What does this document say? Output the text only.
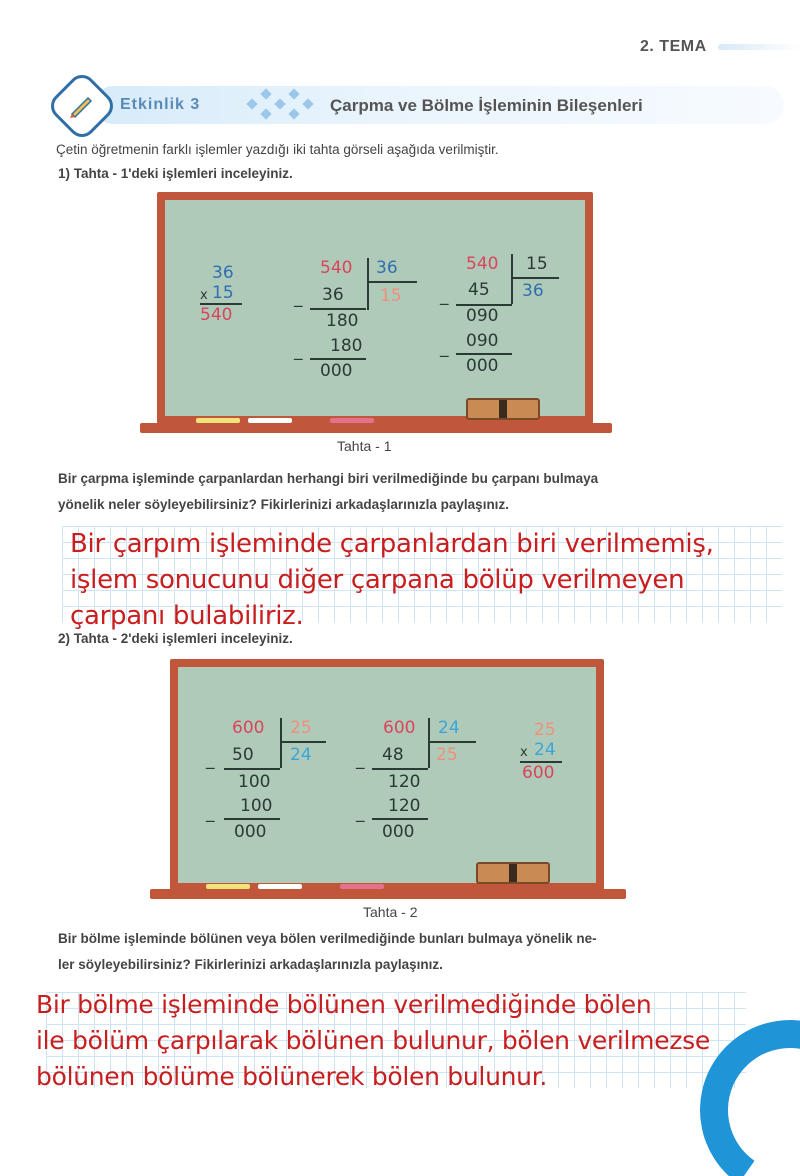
2. TEMA
Etkinlik 3	Çarpma ve Bölme İşleminin Bileşenleri
Çetin öğretmenin farklı işlemler yazdığı iki tahta görseli aşağıda verilmiştir.
1) Tahta - 1'deki işlemleri inceleyiniz.
36
x 15
540
540 36
_ 36 15
180
_ 180
000
540 15
_ 45 36
090
_ 090
000
Tahta - 1
Bir çarpma işleminde çarpanlardan herhangi biri verilmediğinde bu çarpanı bulmaya
yönelik neler söyleyebilirsiniz? Fikirlerinizi arkadaşlarınızla paylaşınız.
Bir çarpım işleminde çarpanlardan biri verilmemiş,
işlem sonucunu diğer çarpana bölüp verilmeyen
çarpanı bulabiliriz.
2) Tahta - 2'deki işlemleri inceleyiniz.
600 25
_ 50 24
100
_ 100
000
600 24
_ 48 25
120
_ 120
000
25
x 24
600
Tahta - 2
Bir bölme işleminde bölünen veya bölen verilmediğinde bunları bulmaya yönelik ne-
ler söyleyebilirsiniz? Fikirlerinizi arkadaşlarınızla paylaşınız.
Bir bölme işleminde bölünen verilmediğinde bölen
ile bölüm çarpılarak bölünen bulunur, bölen verilmezse
bölünen bölüme bölünerek bölen bulunur.
